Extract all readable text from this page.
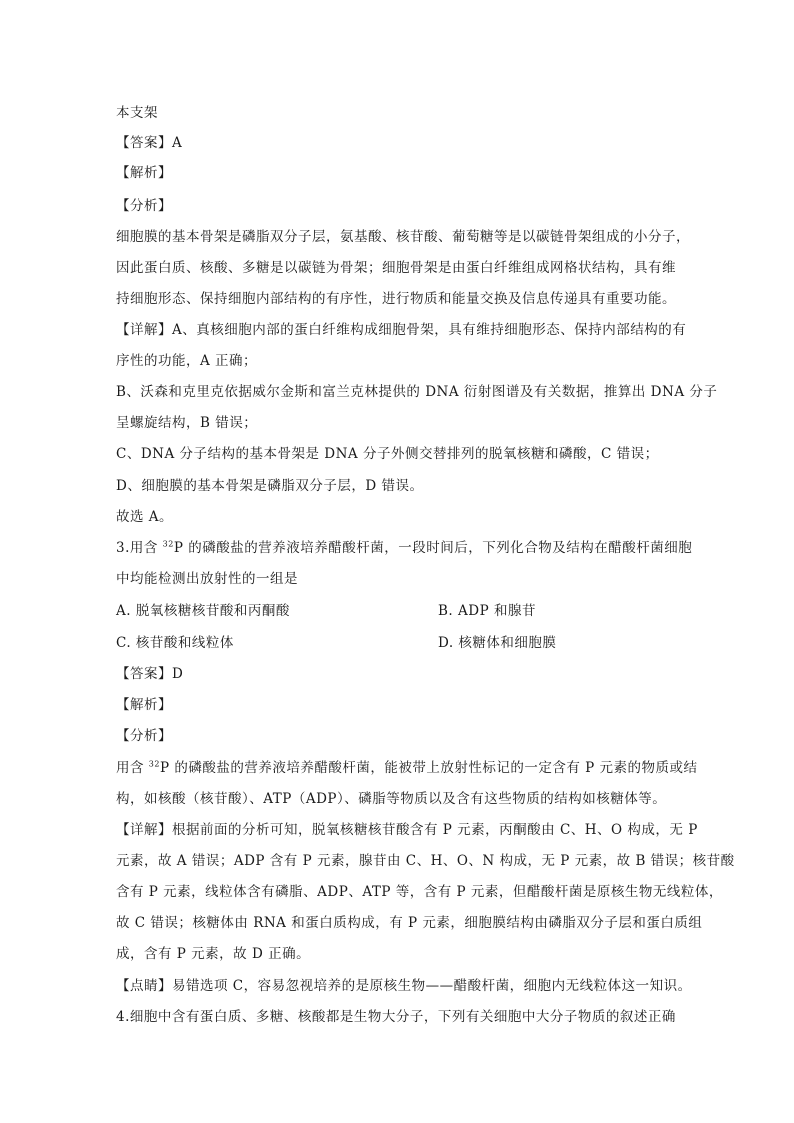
本支架
【答案】A
【解析】
【分析】
细胞膜的基本骨架是磷脂双分子层，氨基酸、核苷酸、葡萄糖等是以碳链骨架组成的小分子，
因此蛋白质、核酸、多糖是以碳链为骨架；细胞骨架是由蛋白纤维组成网格状结构，具有维
持细胞形态、保持细胞内部结构的有序性，进行物质和能量交换及信息传递具有重要功能。
【详解】A、真核细胞内部的蛋白纤维构成细胞骨架，具有维持细胞形态、保持内部结构的有
序性的功能，A 正确；
B、沃森和克里克依据威尔金斯和富兰克林提供的 DNA 衍射图谱及有关数据，推算出 DNA 分子
呈螺旋结构，B 错误；
C、DNA 分子结构的基本骨架是 DNA 分子外侧交替排列的脱氧核糖和磷酸，C 错误；
D、细胞膜的基本骨架是磷脂双分子层，D 错误。
故选 A。
3.用含 $^{32}$P 的磷酸盐的营养液培养醋酸杆菌，一段时间后，下列化合物及结构在醋酸杆菌细胞
中均能检测出放射性的一组是
A. 脱氧核糖核苷酸和丙酮酸	B. ADP 和腺苷
C. 核苷酸和线粒体	D. 核糖体和细胞膜
【答案】D
【解析】
【分析】
用含 $^{32}$P 的磷酸盐的营养液培养醋酸杆菌，能被带上放射性标记的一定含有 P 元素的物质或结
构，如核酸（核苷酸）、ATP（ADP）、磷脂等物质以及含有这些物质的结构如核糖体等。
【详解】根据前面的分析可知，脱氧核糖核苷酸含有 P 元素，丙酮酸由 C、H、O 构成，无 P
元素，故 A 错误；ADP 含有 P 元素，腺苷由 C、H、O、N 构成，无 P 元素，故 B 错误；核苷酸
含有 P 元素，线粒体含有磷脂、ADP、ATP 等，含有 P 元素，但醋酸杆菌是原核生物无线粒体，
故 C 错误；核糖体由 RNA 和蛋白质构成，有 P 元素，细胞膜结构由磷脂双分子层和蛋白质组
成，含有 P 元素，故 D 正确。
【点睛】易错选项 C，容易忽视培养的是原核生物——醋酸杆菌，细胞内无线粒体这一知识。
4.细胞中含有蛋白质、多糖、核酸都是生物大分子，下列有关细胞中大分子物质的叙述正确
